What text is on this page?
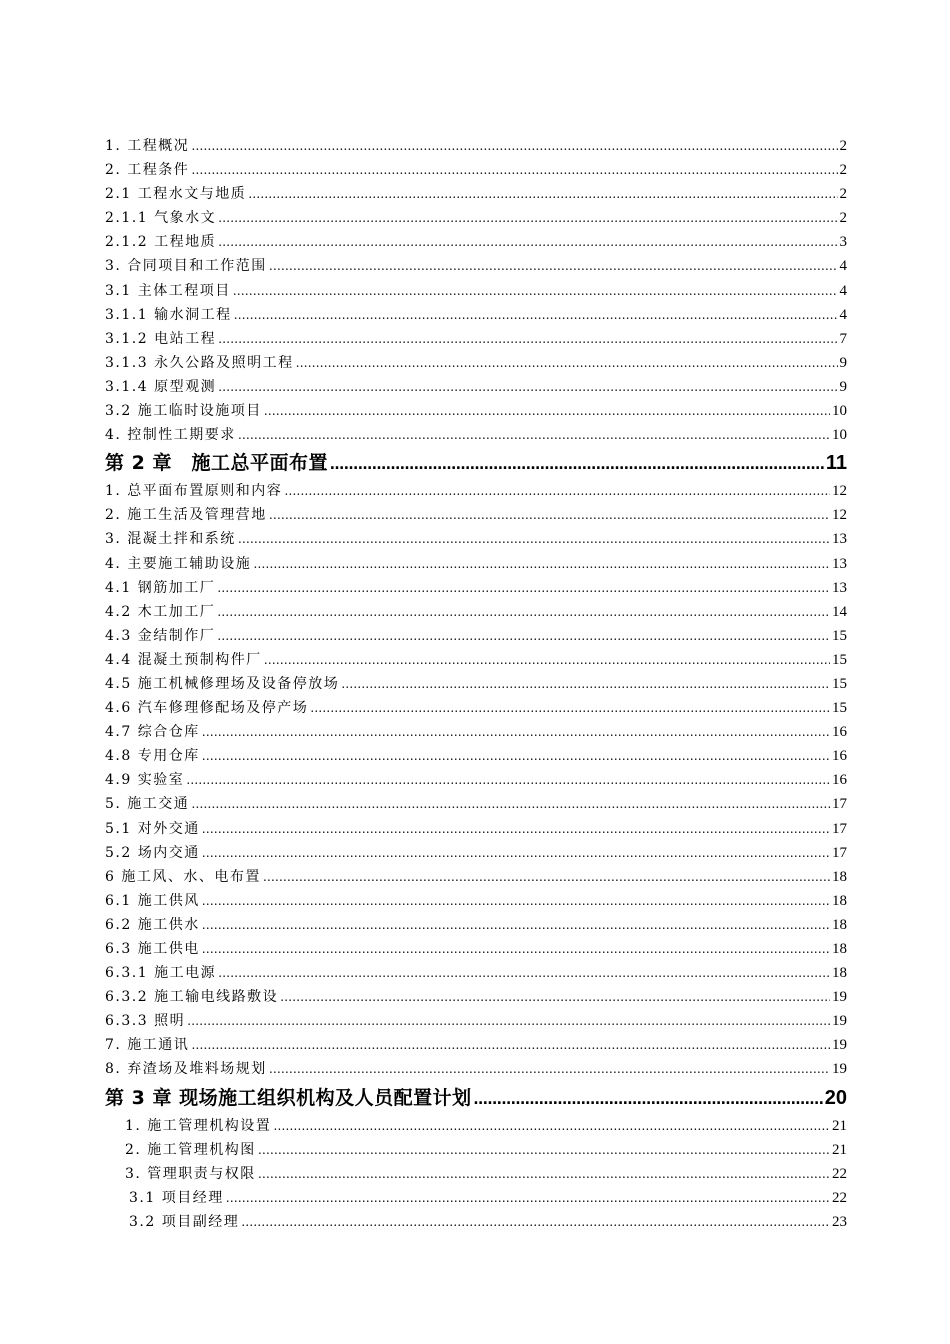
1. 工程概况 ………………………………………………………………………………………………………………………………………………………………………………………………………………………………………………………………………………	2
2. 工程条件 ………………………………………………………………………………………………………………………………………………………………………………………………………………………………………………………………………………	2
2.1 工程水文与地质 ………………………………………………………………………………………………………………………………………………………………………………………………………………………………………………………………………………	2
2.1.1 气象水文 ………………………………………………………………………………………………………………………………………………………………………………………………………………………………………………………………………………	2
2.1.2 工程地质 ………………………………………………………………………………………………………………………………………………………………………………………………………………………………………………………………………………	3
3. 合同项目和工作范围 ………………………………………………………………………………………………………………………………………………………………………………………………………………………………………………………………………………	4
3.1 主体工程项目 ………………………………………………………………………………………………………………………………………………………………………………………………………………………………………………………………………………	4
3.1.1 输水洞工程 ………………………………………………………………………………………………………………………………………………………………………………………………………………………………………………………………………………	4
3.1.2 电站工程 ………………………………………………………………………………………………………………………………………………………………………………………………………………………………………………………………………………	7
3.1.3 永久公路及照明工程 ………………………………………………………………………………………………………………………………………………………………………………………………………………………………………………………………………………	9
3.1.4 原型观测 ………………………………………………………………………………………………………………………………………………………………………………………………………………………………………………………………………………	9
3.2 施工临时设施项目 ………………………………………………………………………………………………………………………………………………………………………………………………………………………………………………………………………………	10
4. 控制性工期要求 ………………………………………………………………………………………………………………………………………………………………………………………………………………………………………………………………………………	10
第 2 章　施工总平面布置 ………………………………………………………………………………………………………………………………………………………………………………………………………………………………………………………………………………	11
1. 总平面布置原则和内容 ………………………………………………………………………………………………………………………………………………………………………………………………………………………………………………………………………………	12
2. 施工生活及管理营地 ………………………………………………………………………………………………………………………………………………………………………………………………………………………………………………………………………………	12
3. 混凝土拌和系统 ………………………………………………………………………………………………………………………………………………………………………………………………………………………………………………………………………………	13
4. 主要施工辅助设施 ………………………………………………………………………………………………………………………………………………………………………………………………………………………………………………………………………………	13
4.1 钢筋加工厂 ………………………………………………………………………………………………………………………………………………………………………………………………………………………………………………………………………………	13
4.2 木工加工厂 ………………………………………………………………………………………………………………………………………………………………………………………………………………………………………………………………………………	14
4.3 金结制作厂 ………………………………………………………………………………………………………………………………………………………………………………………………………………………………………………………………………………	15
4.4 混凝土预制构件厂 ………………………………………………………………………………………………………………………………………………………………………………………………………………………………………………………………………………	15
4.5 施工机械修理场及设备停放场 ………………………………………………………………………………………………………………………………………………………………………………………………………………………………………………………………………………	15
4.6 汽车修理修配场及停产场 ………………………………………………………………………………………………………………………………………………………………………………………………………………………………………………………………………………	15
4.7 综合仓库 ………………………………………………………………………………………………………………………………………………………………………………………………………………………………………………………………………………	16
4.8 专用仓库 ………………………………………………………………………………………………………………………………………………………………………………………………………………………………………………………………………………	16
4.9 实验室 ………………………………………………………………………………………………………………………………………………………………………………………………………………………………………………………………………………	16
5. 施工交通 ………………………………………………………………………………………………………………………………………………………………………………………………………………………………………………………………………………	17
5.1 对外交通 ………………………………………………………………………………………………………………………………………………………………………………………………………………………………………………………………………………	17
5.2 场内交通 ………………………………………………………………………………………………………………………………………………………………………………………………………………………………………………………………………………	17
6 施工风、水、电布置 ………………………………………………………………………………………………………………………………………………………………………………………………………………………………………………………………………………	18
6.1 施工供风 ………………………………………………………………………………………………………………………………………………………………………………………………………………………………………………………………………………	18
6.2 施工供水 ………………………………………………………………………………………………………………………………………………………………………………………………………………………………………………………………………………	18
6.3 施工供电 ………………………………………………………………………………………………………………………………………………………………………………………………………………………………………………………………………………	18
6.3.1 施工电源 ………………………………………………………………………………………………………………………………………………………………………………………………………………………………………………………………………………	18
6.3.2 施工输电线路敷设 ………………………………………………………………………………………………………………………………………………………………………………………………………………………………………………………………………………	19
6.3.3 照明 ………………………………………………………………………………………………………………………………………………………………………………………………………………………………………………………………………………	19
7. 施工通讯 ………………………………………………………………………………………………………………………………………………………………………………………………………………………………………………………………………………	19
8. 弃渣场及堆料场规划 ………………………………………………………………………………………………………………………………………………………………………………………………………………………………………………………………………………	19
第 3 章 现场施工组织机构及人员配置计划 ………………………………………………………………………………………………………………………………………………………………………………………………………………………………………………………………………………	20
1. 施工管理机构设置 ………………………………………………………………………………………………………………………………………………………………………………………………………………………………………………………………………………	21
2. 施工管理机构图 ………………………………………………………………………………………………………………………………………………………………………………………………………………………………………………………………………………	21
3. 管理职责与权限 ………………………………………………………………………………………………………………………………………………………………………………………………………………………………………………………………………………	22
3.1 项目经理 ………………………………………………………………………………………………………………………………………………………………………………………………………………………………………………………………………………	22
3.2 项目副经理 ………………………………………………………………………………………………………………………………………………………………………………………………………………………………………………………………………………	23
